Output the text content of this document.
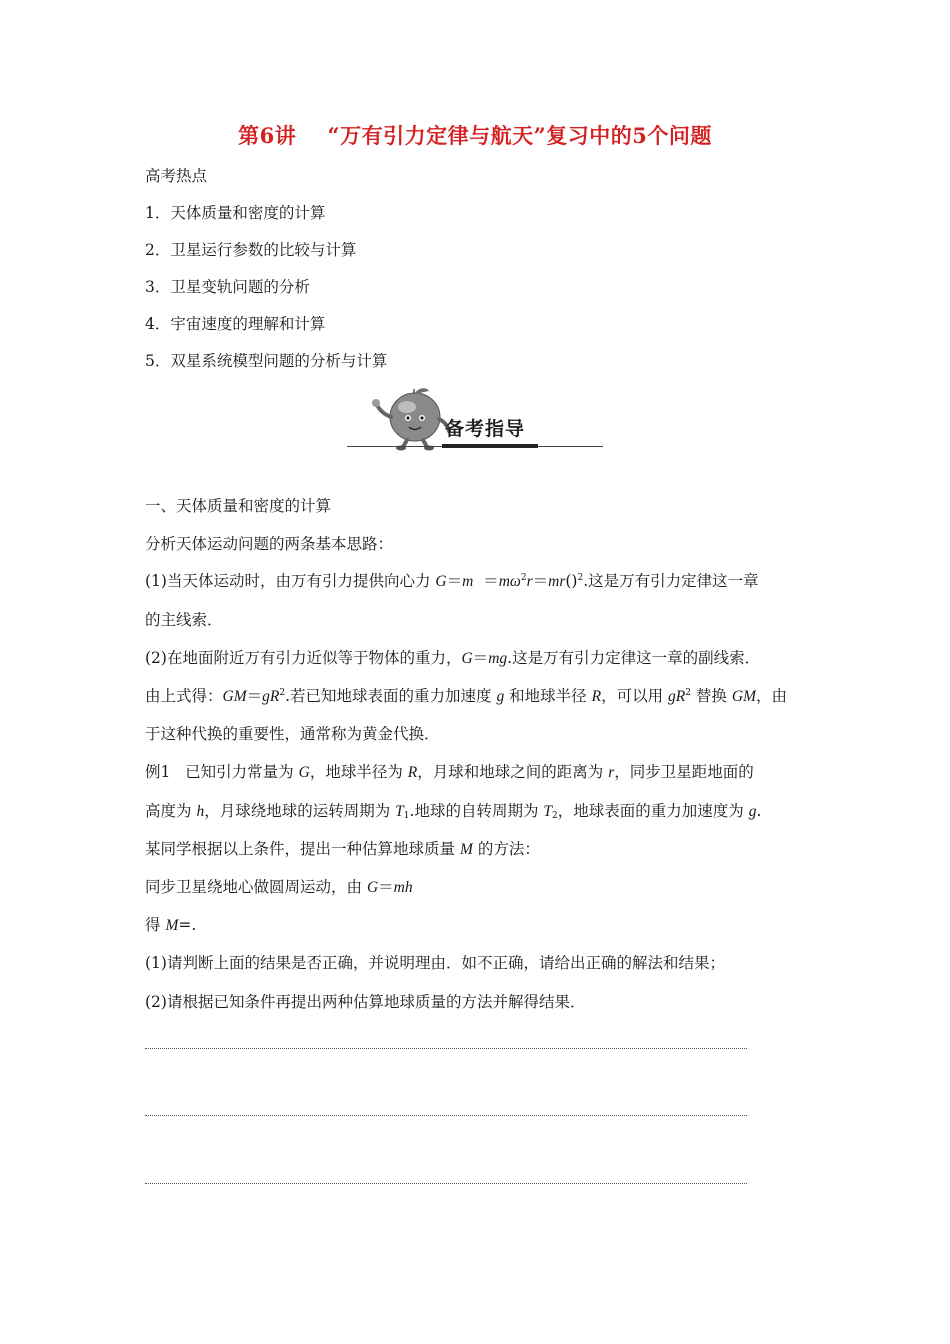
第6讲 “万有引力定律与航天”复习中的5个问题
高考热点
1．天体质量和密度的计算
2．卫星运行参数的比较与计算
3．卫星变轨问题的分析
4．宇宙速度的理解和计算
5．双星系统模型问题的分析与计算
备考指导
一、天体质量和密度的计算
分析天体运动问题的两条基本思路：
(1)当天体运动时，由万有引力提供向心力 $G=m =m\omega^2r=mr()^2$.这是万有引力定律这一章
的主线索．
(2)在地面附近万有引力近似等于物体的重力，G＝mg.这是万有引力定律这一章的副线索．
由上式得：$GM=gR^2$.若已知地球表面的重力加速度 g 和地球半径 R，可以用 $gR^2$ 替换 GM，由
于这种代换的重要性，通常称为黄金代换．
例1 已知引力常量为 G，地球半径为 R，月球和地球之间的距离为 r，同步卫星距地面的
高度为 h，月球绕地球的运转周期为 $T_1$.地球的自转周期为 $T_2$，地球表面的重力加速度为 g.
某同学根据以上条件，提出一种估算地球质量 M 的方法：
同步卫星绕地心做圆周运动，由 G＝mh
得 M=.
(1)请判断上面的结果是否正确，并说明理由．如不正确，请给出正确的解法和结果；
(2)请根据已知条件再提出两种估算地球质量的方法并解得结果．
